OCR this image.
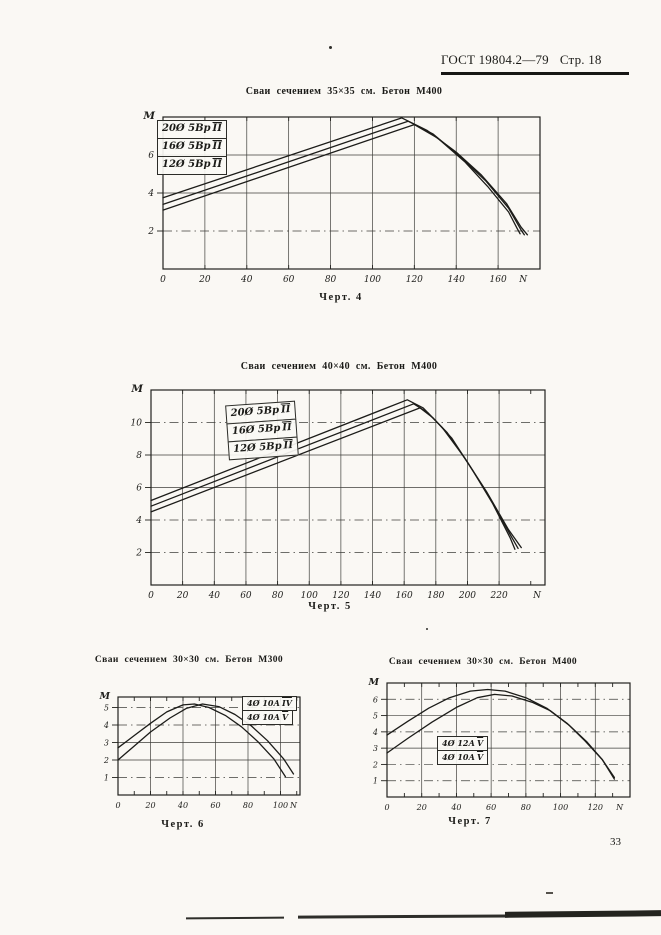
ГОСТ 19804.2—79 Стр. 18
Сваи сечением 35×35 см. Бетон М400
0	20	40	60	80	100	120	140	160 N
2
4
6
М
20Ø 5Вр $\overline{II}$
16Ø 5Вр $\overline{II}$
12Ø 5Вр $\overline{II}$
Черт. 4
Сваи сечением 40×40 см. Бетон М400
0	20 40 60 80 100 120 140 160 180 200 220	N
2
4
6
8
10
М
20Ø $5Вр\overline{II}$
16Ø $5Вр\overline{II}$
12Ø $5Вр\overline{II}$
Черт. 5
Сваи сечением 30×30 см. Бетон М300
0	20	40	60	80 100 N
1
2
3
4
5
М
4Ø 10А $\overline{IV}$
4Ø 10А $\overline{V}$
Черт. 6
Сваи сечением 30×30 см. Бетон М400
0	20	40	60	80	100 120 N
1
2
3
4
5
6
М
4Ø 12А $\overline{V}$
4Ø 10А $\overline{V}$
Черт. 7
33
